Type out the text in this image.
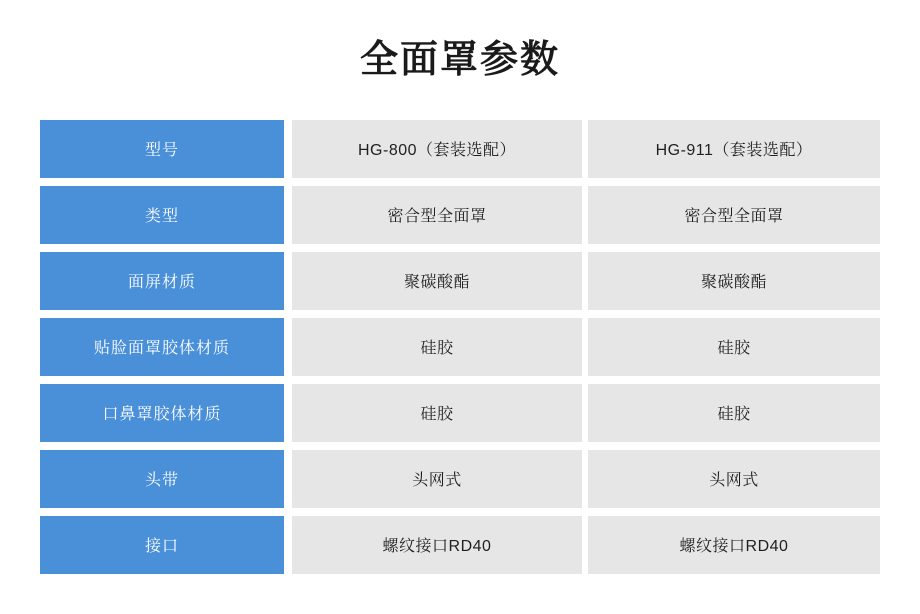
全面罩参数
型号	HG-800（套装选配）	HG-911（套装选配）
类型	密合型全面罩	密合型全面罩
面屏材质	聚碳酸酯	聚碳酸酯
贴脸面罩胶体材质	硅胶	硅胶
口鼻罩胶体材质	硅胶	硅胶
头带	头网式	头网式
接口	螺纹接口RD40	螺纹接口RD40
